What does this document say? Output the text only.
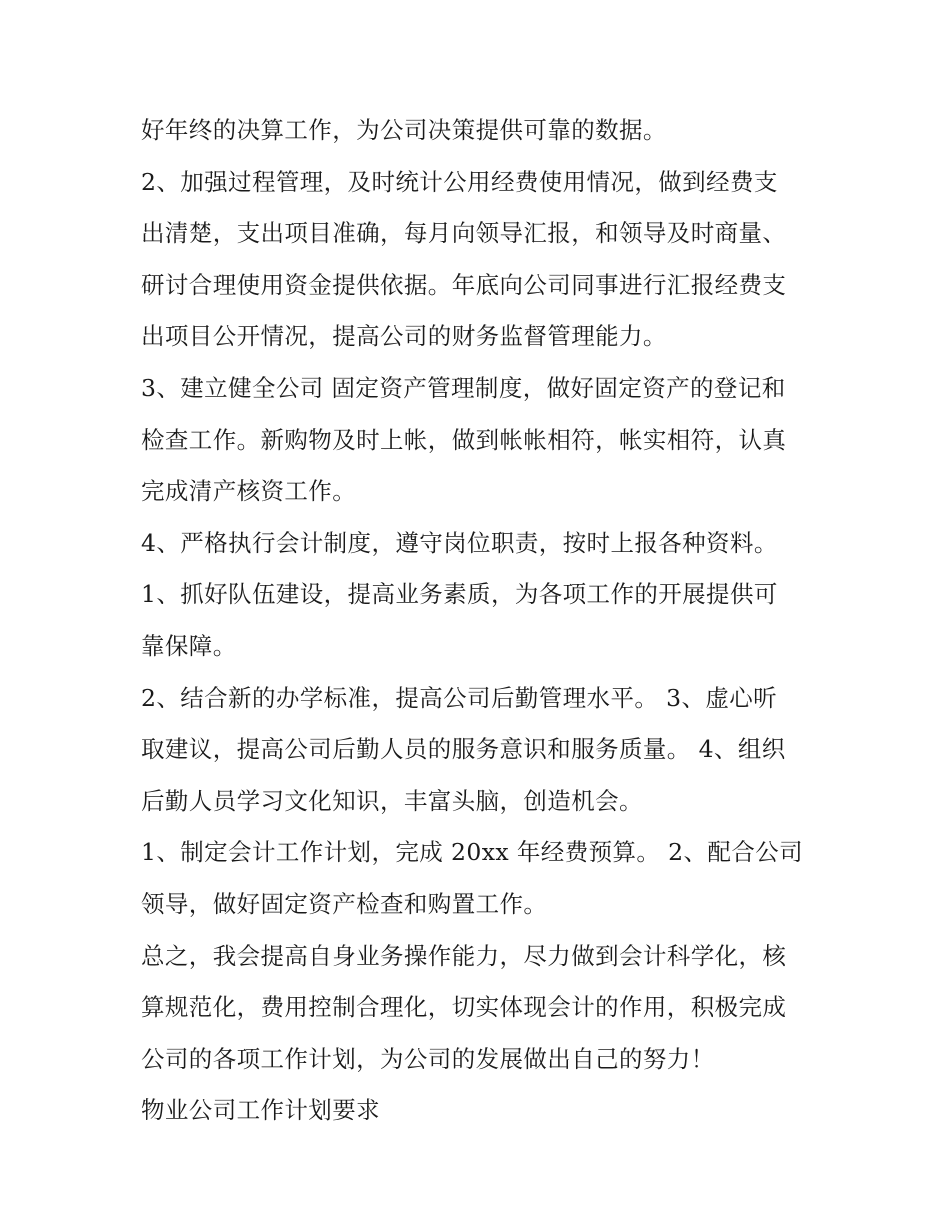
好年终的决算工作，为公司决策提供可靠的数据。
2、加强过程管理，及时统计公用经费使用情况，做到经费支
出清楚，支出项目准确，每月向领导汇报，和领导及时商量、
研讨合理使用资金提供依据。年底向公司同事进行汇报经费支
出项目公开情况，提高公司的财务监督管理能力。
3、建立健全公司 固定资产管理制度，做好固定资产的登记和
检查工作。新购物及时上帐，做到帐帐相符，帐实相符，认真
完成清产核资工作。
4、严格执行会计制度，遵守岗位职责，按时上报各种资料。
1、抓好队伍建设，提高业务素质，为各项工作的开展提供可
靠保障。
2、结合新的办学标准，提高公司后勤管理水平。 3、虚心听
取建议，提高公司后勤人员的服务意识和服务质量。 4、组织
后勤人员学习文化知识，丰富头脑，创造机会。
1、制定会计工作计划，完成 20xx 年经费预算。 2、配合公司
领导，做好固定资产检查和购置工作。
总之，我会提高自身业务操作能力，尽力做到会计科学化，核
算规范化，费用控制合理化，切实体现会计的作用，积极完成
公司的各项工作计划，为公司的发展做出自己的努力！
物业公司工作计划要求
